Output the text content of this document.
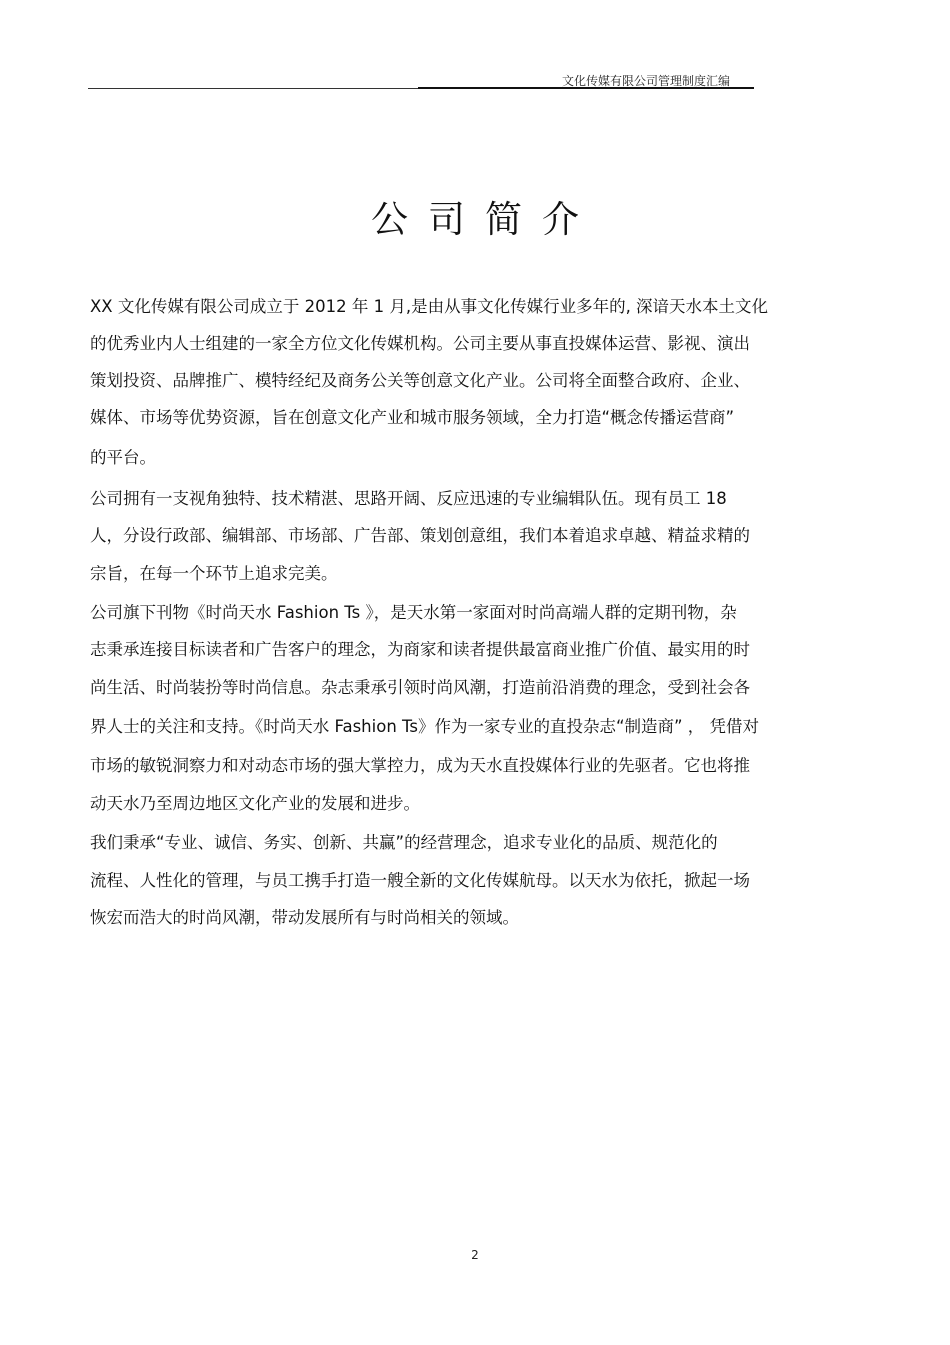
文化传媒有限公司管理制度汇编
公司简介
XX 文化传媒有限公司成立于 2012 年 1 月,是由从事文化传媒行业多年的, 深谙天水本土文化
的优秀业内人士组建的一家全方位文化传媒机构。公司主要从事直投媒体运营、影视、演出
策划投资、品牌推广、模特经纪及商务公关等创意文化产业。公司将全面整合政府、企业、
媒体、市场等优势资源，旨在创意文化产业和城市服务领域，全力打造“概念传播运营商”
的平台。
公司拥有一支视角独特、技术精湛、思路开阔、反应迅速的专业编辑队伍。现有员工 18
人，分设行政部、编辑部、市场部、广告部、策划创意组，我们本着追求卓越、精益求精的
宗旨，在每一个环节上追求完美。
公司旗下刊物《时尚天水 Fashion Ts 》，是天水第一家面对时尚高端人群的定期刊物，杂
志秉承连接目标读者和广告客户的理念，为商家和读者提供最富商业推广价值、最实用的时
尚生活、时尚装扮等时尚信息。杂志秉承引领时尚风潮，打造前沿消费的理念，受到社会各
界人士的关注和支持。《时尚天水 Fashion Ts》作为一家专业的直投杂志“制造商” ， 凭借对
市场的敏锐洞察力和对动态市场的强大掌控力，成为天水直投媒体行业的先驱者。它也将推
动天水乃至周边地区文化产业的发展和进步。
我们秉承“专业、诚信、务实、创新、共赢”的经营理念，追求专业化的品质、规范化的
流程、人性化的管理，与员工携手打造一艘全新的文化传媒航母。以天水为依托，掀起一场
恢宏而浩大的时尚风潮，带动发展所有与时尚相关的领域。
2
